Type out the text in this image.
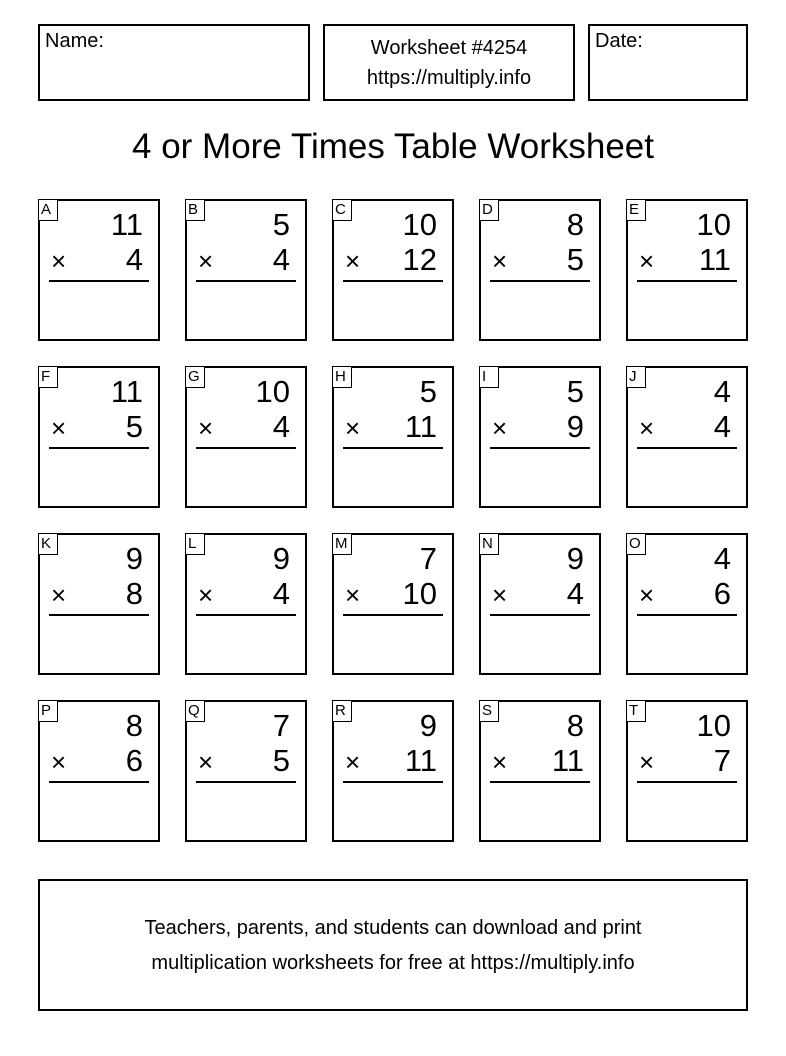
Name:	Worksheet #4254
https://multiply.info
Date:
4 or More Times Table Worksheet
A 11
× 4
B 5
× 4
C 10
× 12
D 8
× 5
E 10
× 11
F 11
× 5
G 10
× 4
H 5
× 11
I	5
× 9
J	4
× 4
K 9
× 8
L 9
× 4
M 7
× 10
N 9
× 4
O 4
× 6
P 8
× 6
Q 7
× 5
R 9
× 11
S 8
× 11
T 10
× 7
Teachers, parents, and students can download and print
multiplication worksheets for free at https://multiply.info
